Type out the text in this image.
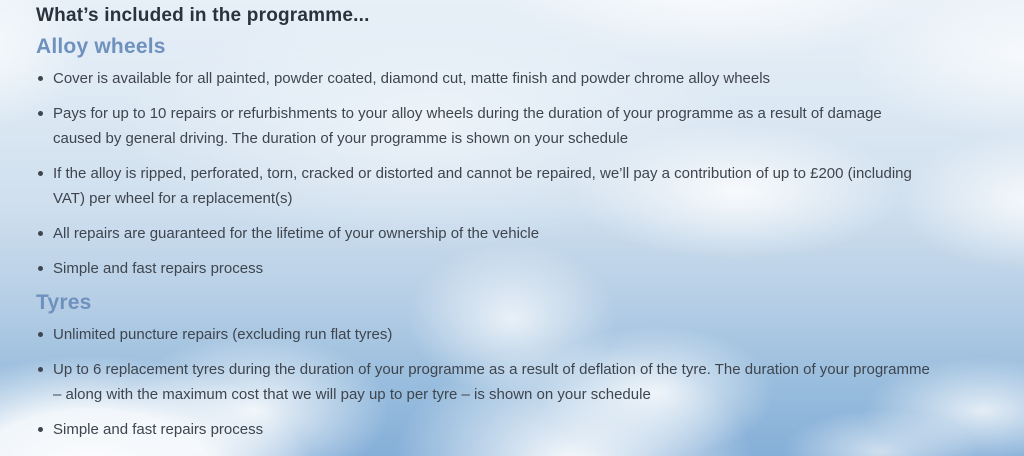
What’s included in the programme...
Alloy wheels
Cover is available for all painted, powder coated, diamond cut, matte finish and powder chrome alloy wheels
Pays for up to 10 repairs or refurbishments to your alloy wheels during the duration of your programme as a result of damage caused by general driving. The duration of your programme is shown on your schedule
If the alloy is ripped, perforated, torn, cracked or distorted and cannot be repaired, we’ll pay a contribution of up to £200 (including VAT) per wheel for a replacement(s)
All repairs are guaranteed for the lifetime of your ownership of the vehicle
Simple and fast repairs process
Tyres
Unlimited puncture repairs (excluding run flat tyres)
Up to 6 replacement tyres during the duration of your programme as a result of deflation of the tyre. The duration of your programme – along with the maximum cost that we will pay up to per tyre – is shown on your schedule
Simple and fast repairs process
